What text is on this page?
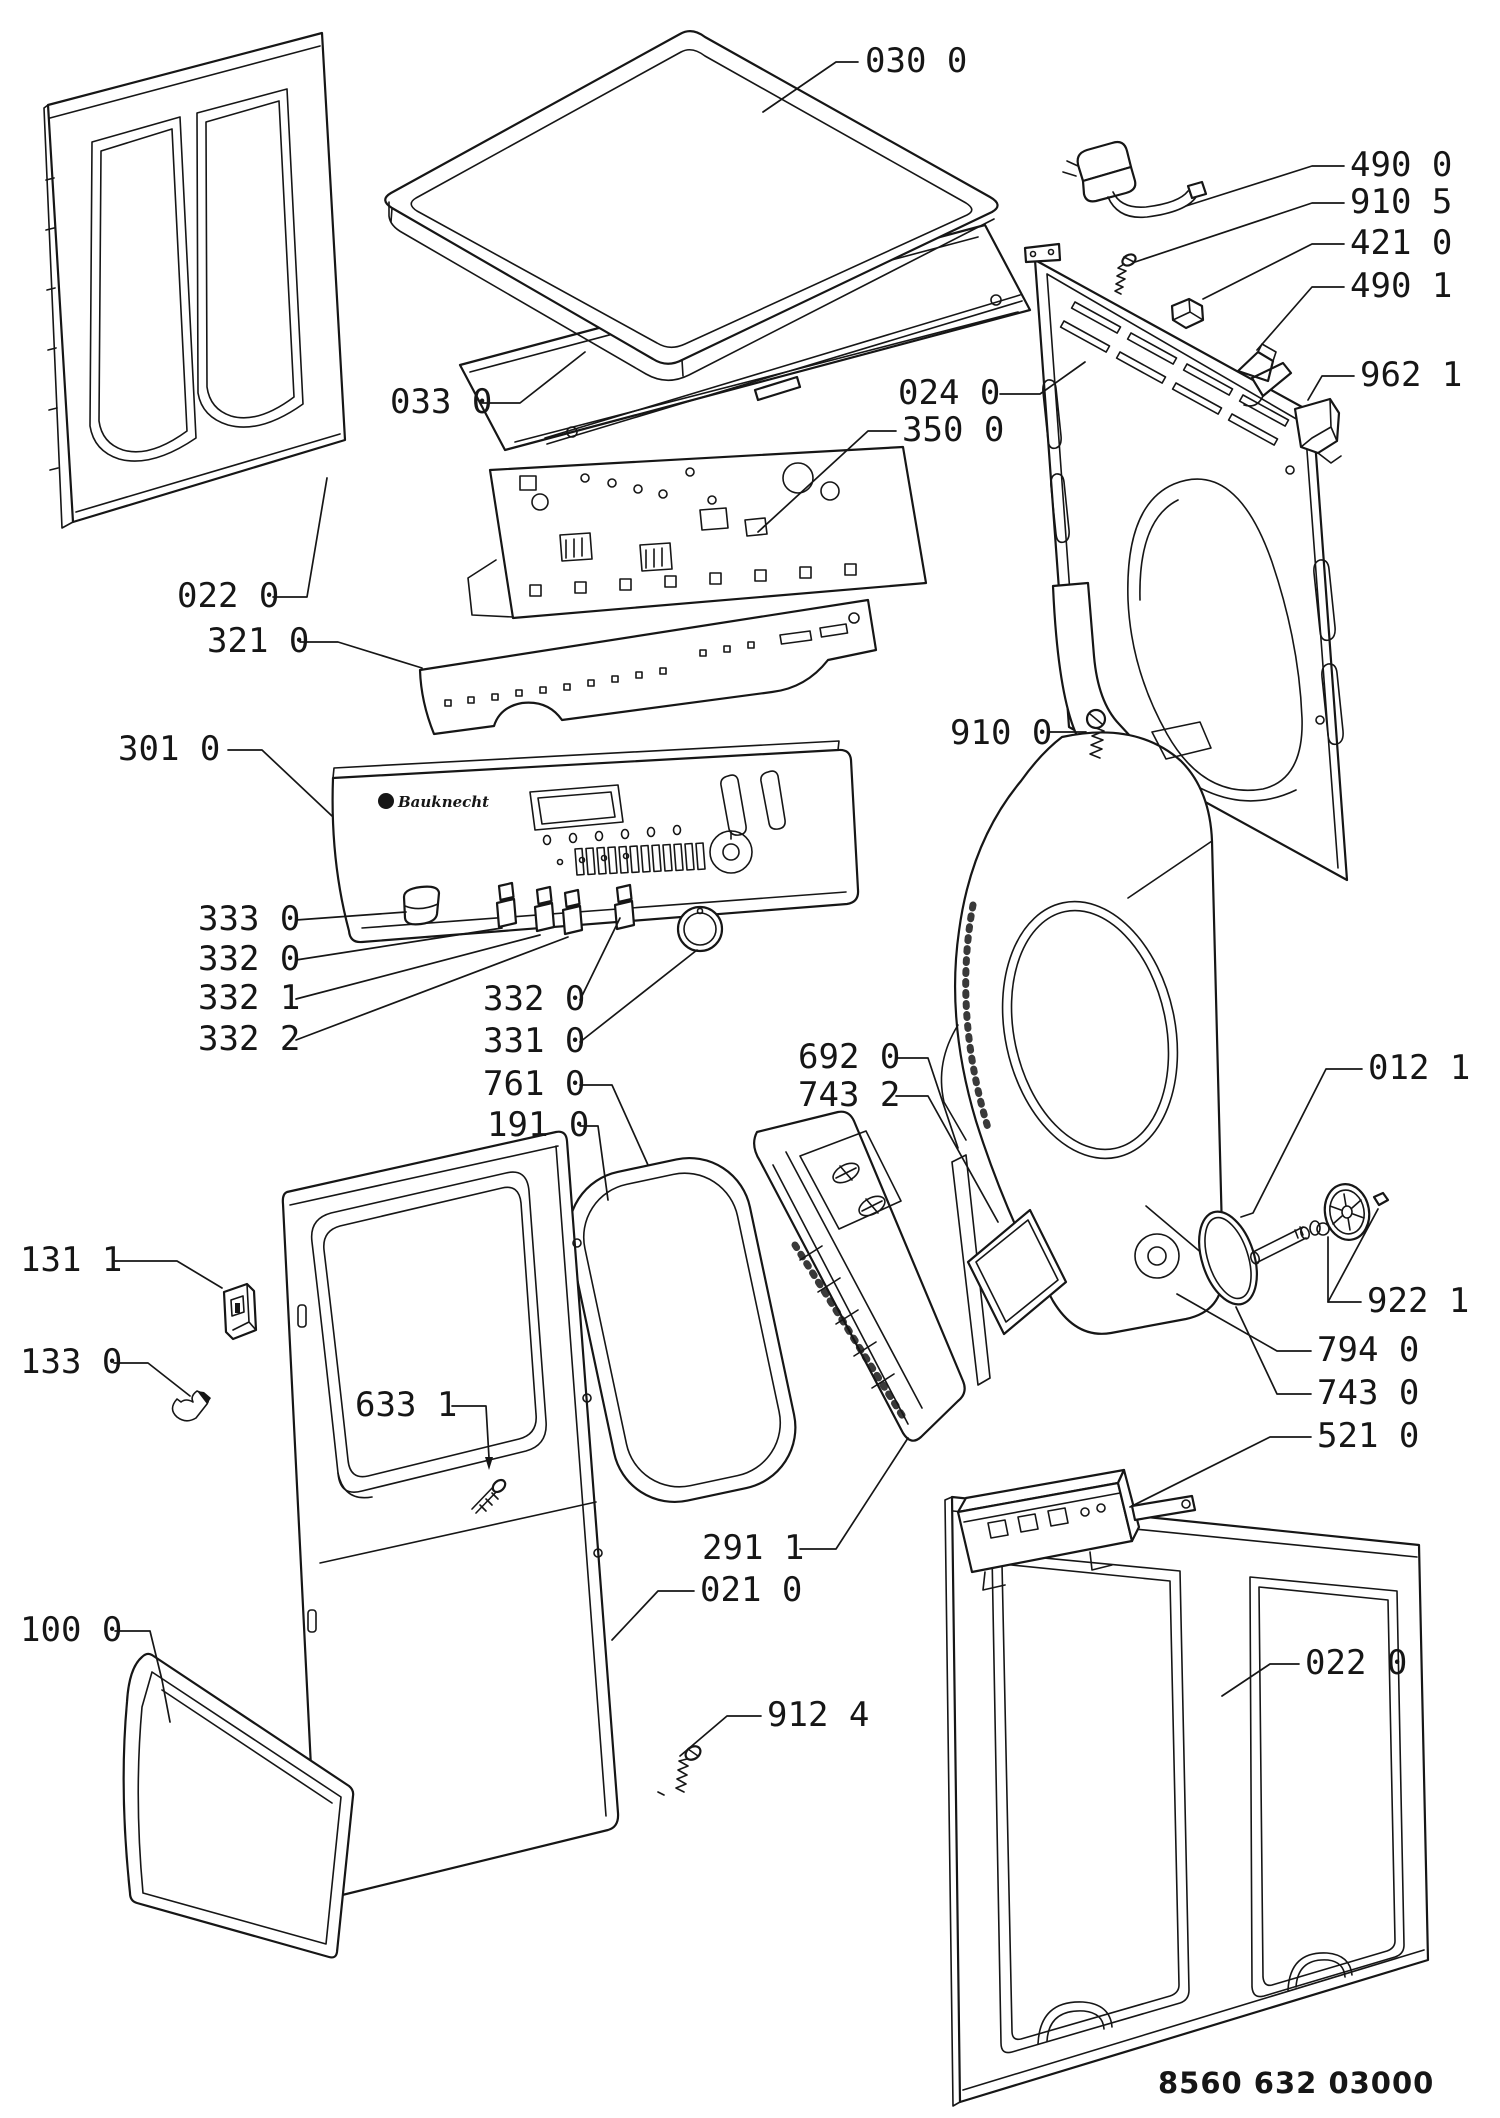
Bauknecht
030 0
490 0
910 5
421 0
490 1
962 1
033 0	024 0
350 0
022 0
321 0
301 0	910 0
333 0
332 0
332 1
332 2
332 0
331 0
761 0
191 0
692 0
743 2
012 1
922 1
794 0
743 0
521 0
131 1
133 0
633 1
291 1
021 0
100 0
912 4
022 0
8560 632 03000
